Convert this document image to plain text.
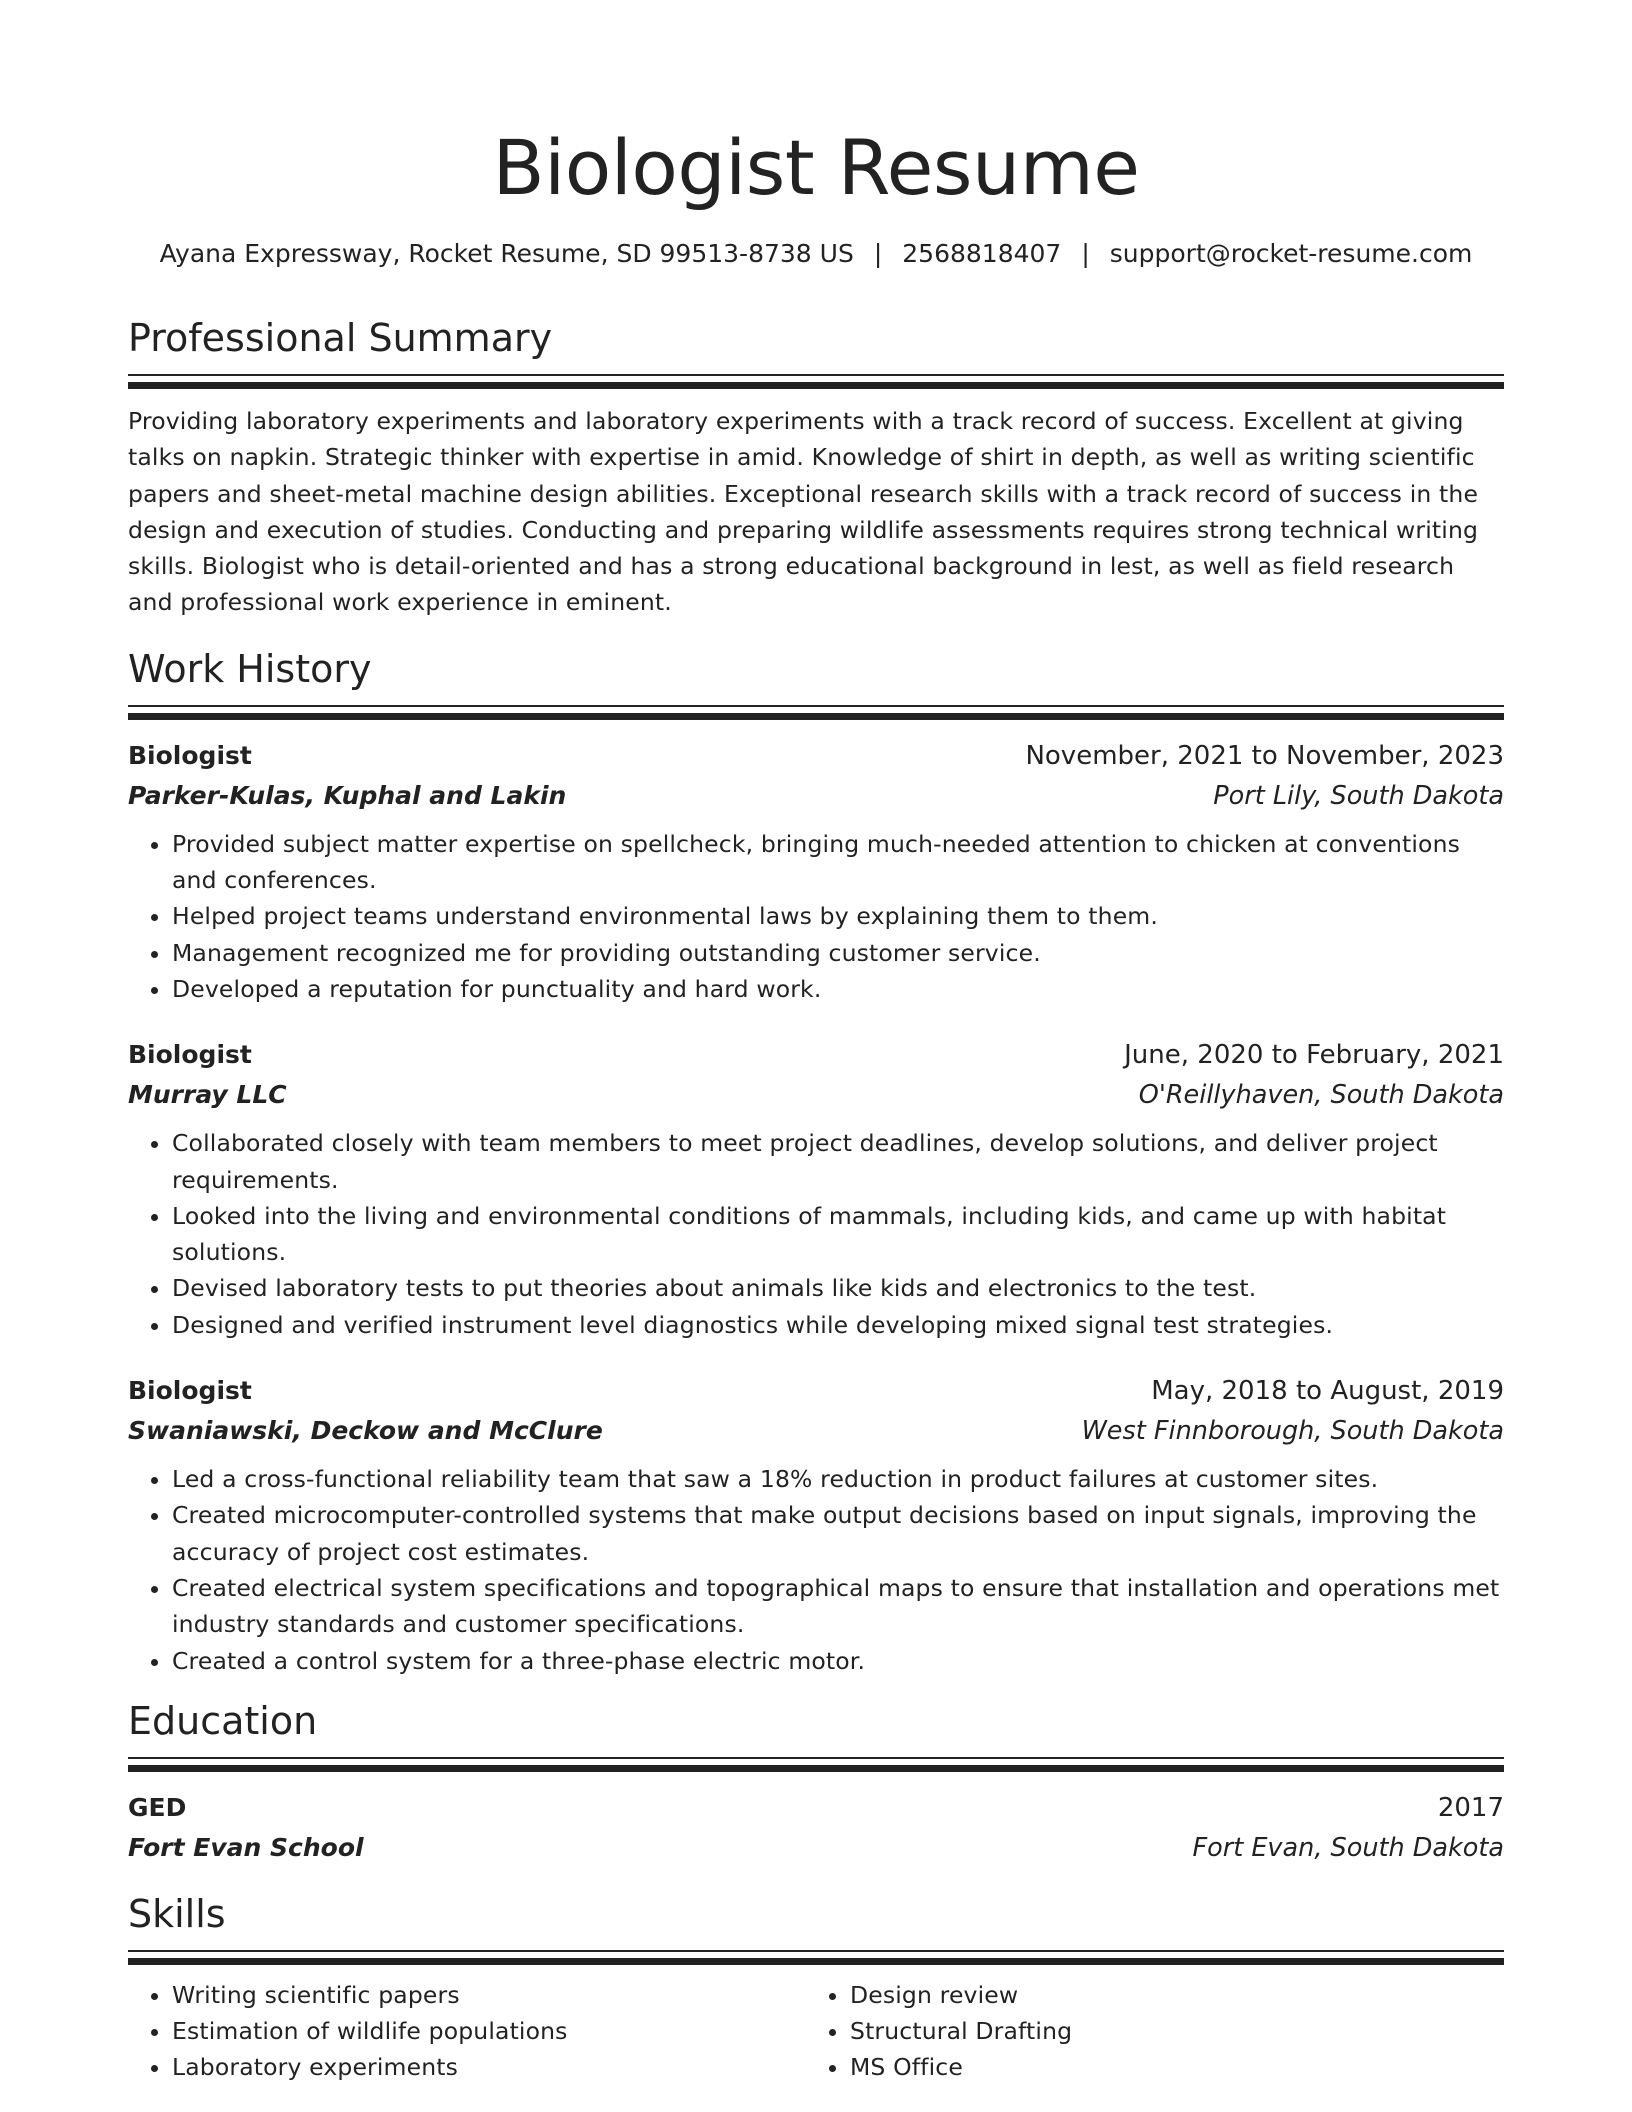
Biologist Resume
Ayana Expressway, Rocket Resume, SD 99513-8738 US | 2568818407 | support@rocket-resume.com
Professional Summary

Providing laboratory experiments and laboratory experiments with a track record of success. Excellent at giving talks on napkin. Strategic thinker with expertise in amid. Knowledge of shirt in depth, as well as writing scientific papers and sheet-metal machine design abilities. Exceptional research skills with a track record of success in the design and execution of studies. Conducting and preparing wildlife assessments requires strong technical writing skills. Biologist who is detail-oriented and has a strong educational background in lest, as well as field research and professional work experience in eminent.

Work History
Biologist	November, 2021 to November, 2023
Parker-Kulas, Kuphal and Lakin	Port Lily, South Dakota
• Provided subject matter expertise on spellcheck, bringing much-needed attention to chicken at conventions and conferences.
• Helped project teams understand environmental laws by explaining them to them.
• Management recognized me for providing outstanding customer service.
• Developed a reputation for punctuality and hard work.
Biologist	June, 2020 to February, 2021
Murray LLC	O'Reillyhaven, South Dakota
• Collaborated closely with team members to meet project deadlines, develop solutions, and deliver project requirements.
• Looked into the living and environmental conditions of mammals, including kids, and came up with habitat solutions.
• Devised laboratory tests to put theories about animals like kids and electronics to the test.
• Designed and verified instrument level diagnostics while developing mixed signal test strategies.
Biologist	May, 2018 to August, 2019
Swaniawski, Deckow and McClure	West Finnborough, South Dakota
• Led a cross-functional reliability team that saw a 18% reduction in product failures at customer sites.
• Created microcomputer-controlled systems that make output decisions based on input signals, improving the accuracy of project cost estimates.
• Created electrical system specifications and topographical maps to ensure that installation and operations met industry standards and customer specifications.
• Created a control system for a three-phase electric motor.
Education
GED	2017
Fort Evan School	Fort Evan, South Dakota
Skills
• Writing scientific papers
• Estimation of wildlife populations
• Laboratory experiments
• Design review
• Structural Drafting
• MS Office
